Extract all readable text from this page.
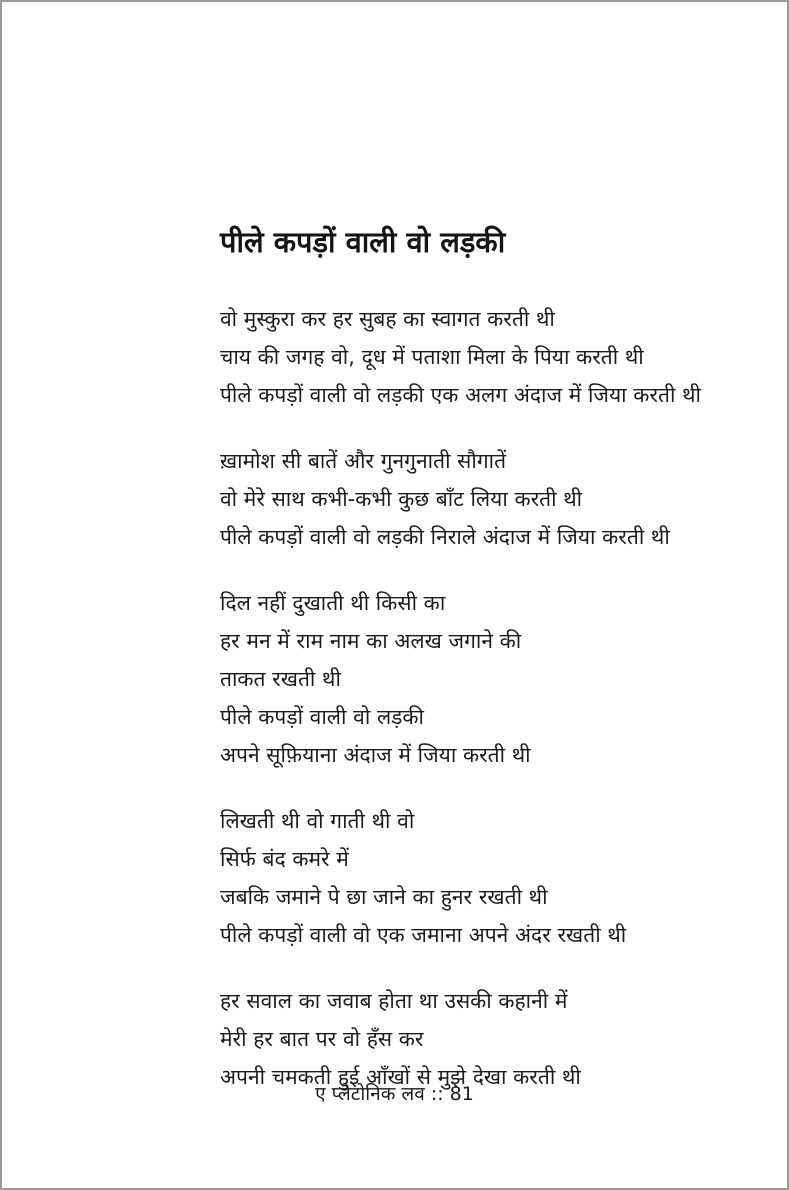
पीले कपड़ों वाली वो लड़की

वो मुस्कुरा कर हर सुबह का स्वागत करती थी

चाय की जगह वो, दूध में पताशा मिला के पिया करती थी

पीले कपड़ों वाली वो लड़की एक अलग अंदाज में जिया करती थी

ख़ामोश सी बातें और गुनगुनाती सौगातें

वो मेरे साथ कभी-कभी कुछ बाँट लिया करती थी

पीले कपड़ों वाली वो लड़की निराले अंदाज में जिया करती थी

दिल नहीं दुखाती थी किसी का

हर मन में राम नाम का अलख जगाने की

ताकत रखती थी

पीले कपड़ों वाली वो लड़की

अपने सूफ़ियाना अंदाज में जिया करती थी

लिखती थी वो गाती थी वो

सिर्फ बंद कमरे में

जबकि जमाने पे छा जाने का हुनर रखती थी

पीले कपड़ों वाली वो एक जमाना अपने अंदर रखती थी

हर सवाल का जवाब होता था उसकी कहानी में

मेरी हर बात पर वो हँस कर

अपनी चमकती हुई आँखों से मुझे देखा करती थी

ए प्लेटोनिक लव :: 81
